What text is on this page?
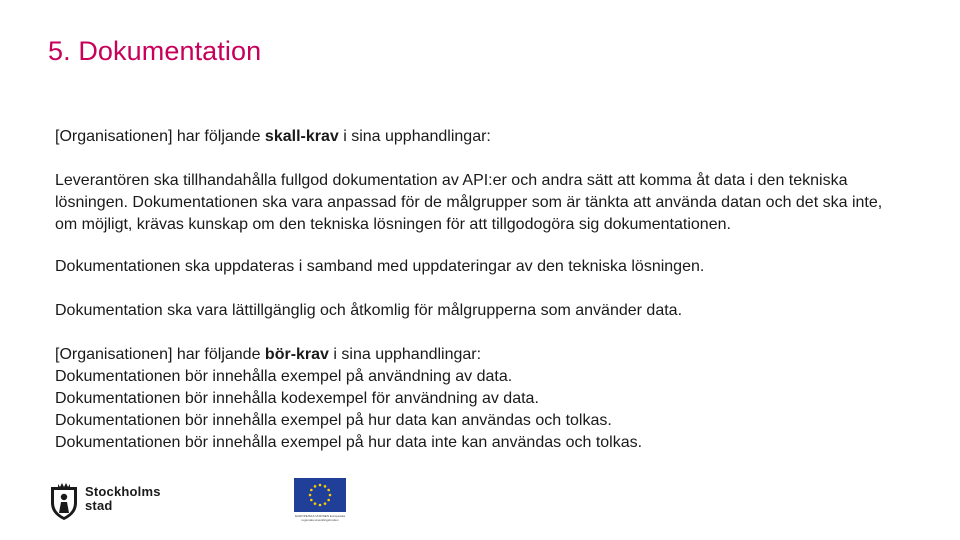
5. Dokumentation

[Organisationen] har följande skall-krav i sina upphandlingar:

Leverantören ska tillhandahålla fullgod dokumentation av API:er och andra sätt att komma åt data i den tekniska lösningen. Dokumentationen ska vara anpassad för de målgrupper som är tänkta att använda datan och det ska inte, om möjligt, krävas kunskap om den tekniska lösningen för att tillgodogöra sig dokumentationen.

Dokumentationen ska uppdateras i samband med uppdateringar av den tekniska lösningen.

Dokumentation ska vara lättillgänglig och åtkomlig för målgrupperna som använder data.

[Organisationen] har följande bör-krav i sina upphandlingar:

Dokumentationen bör innehålla exempel på användning av data.

Dokumentationen bör innehålla kodexempel för användning av data.

Dokumentationen bör innehålla exempel på hur data kan användas och tolkas.

Dokumentationen bör innehålla exempel på hur data inte kan användas och tolkas.

Stockholms
stad
EUROPEISKA UNIONEN Europeiska regionala utvecklingsfonden
